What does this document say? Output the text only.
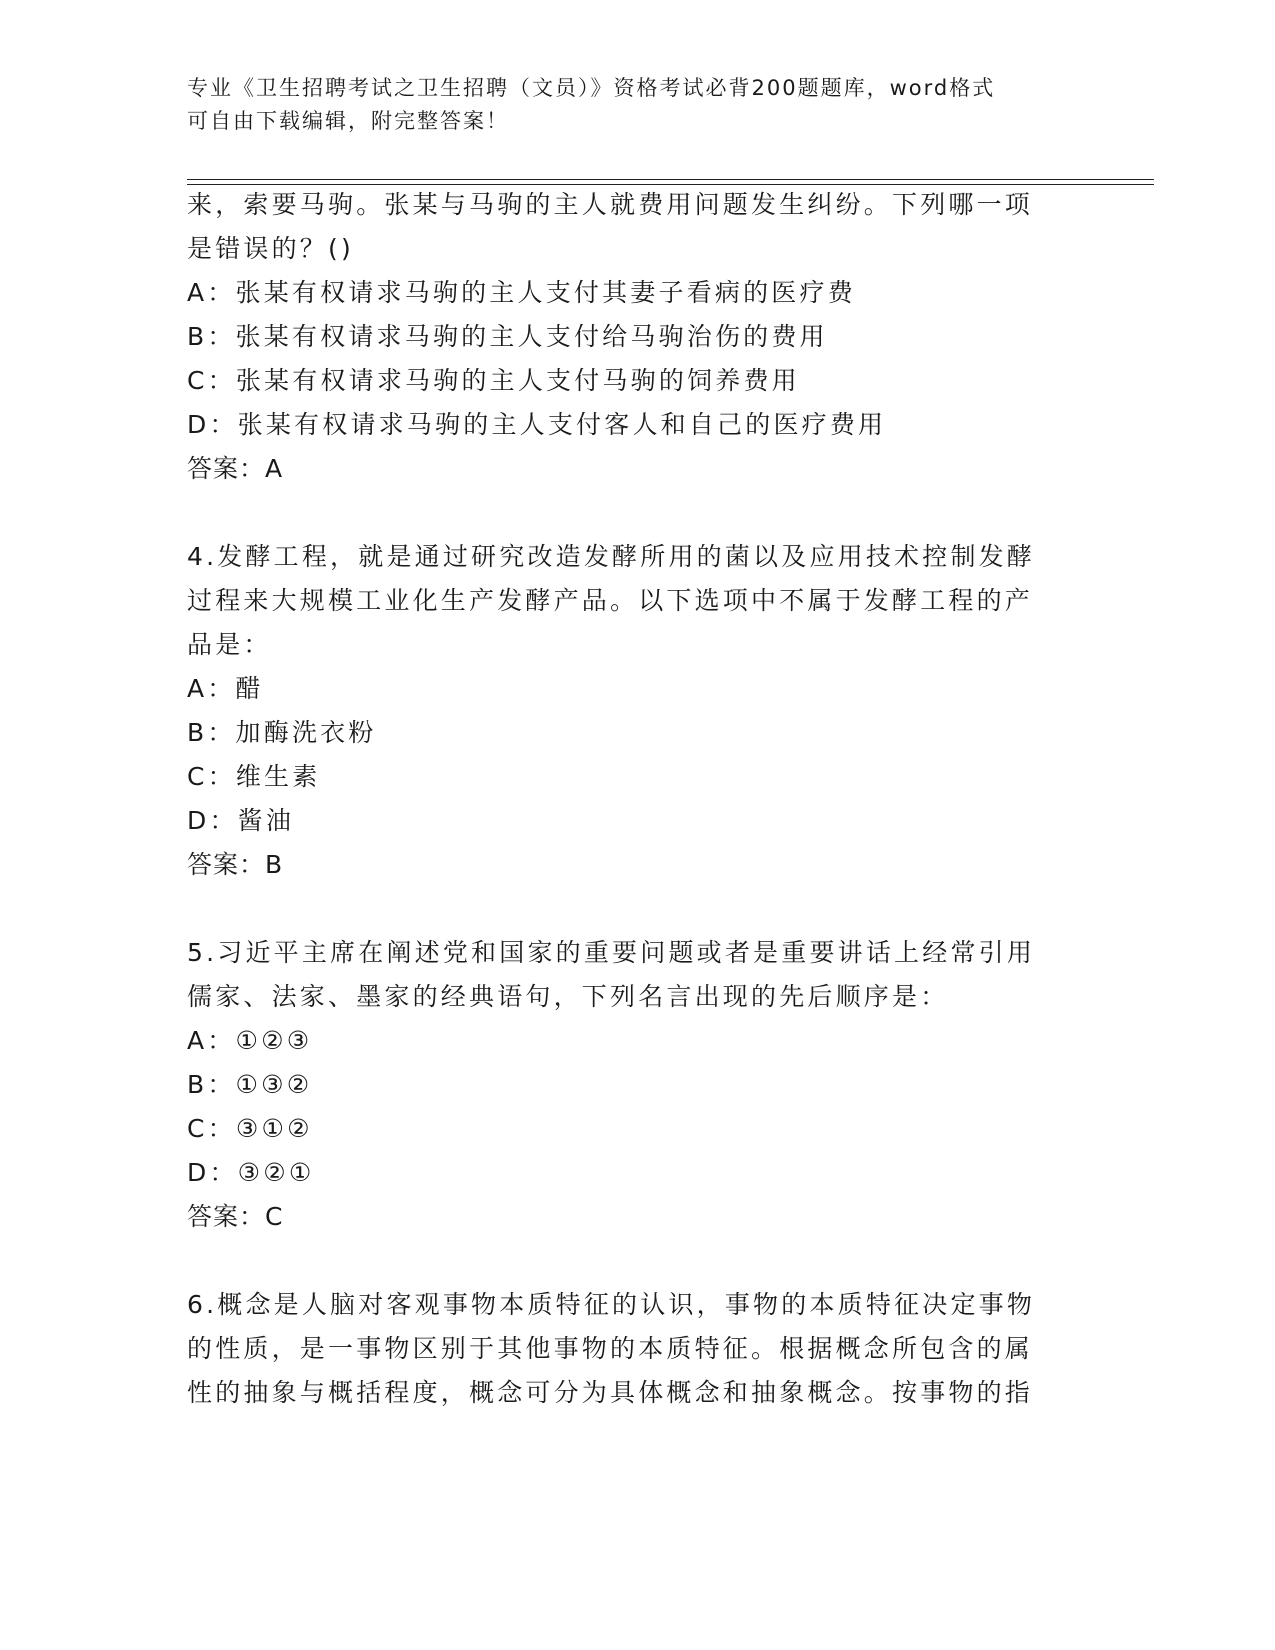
专业《卫生招聘考试之卫生招聘（文员）》资格考试必背200题题库，word格式
可自由下载编辑，附完整答案！
来，索要马驹。张某与马驹的主人就费用问题发生纠纷。下列哪一项
是错误的？()
A：张某有权请求马驹的主人支付其妻子看病的医疗费
B：张某有权请求马驹的主人支付给马驹治伤的费用
C：张某有权请求马驹的主人支付马驹的饲养费用
D：张某有权请求马驹的主人支付客人和自己的医疗费用
答案：A
4.发酵工程，就是通过研究改造发酵所用的菌以及应用技术控制发酵
过程来大规模工业化生产发酵产品。以下选项中不属于发酵工程的产
品是：
A：醋
B：加酶洗衣粉
C：维生素
D：酱油
答案：B
5.习近平主席在阐述党和国家的重要问题或者是重要讲话上经常引用
儒家、法家、墨家的经典语句，下列名言出现的先后顺序是：
A：①②③
B：①③②
C：③①②
D：③②①
答案：C
6.概念是人脑对客观事物本质特征的认识，事物的本质特征决定事物
的性质，是一事物区别于其他事物的本质特征。根据概念所包含的属
性的抽象与概括程度，概念可分为具体概念和抽象概念。按事物的指
